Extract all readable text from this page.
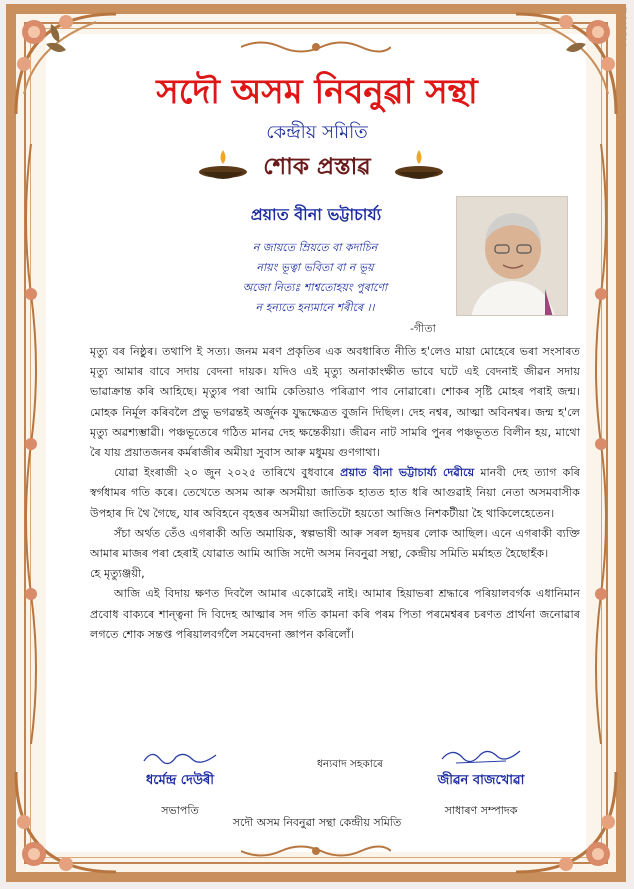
সদৌ অসম নিবনুৱা সন্থা
কেন্দ্ৰীয় সমিতি
শোক প্ৰস্তাৱ
প্ৰয়াত বীনা ভট্টাচাৰ্য্য
ন জায়তে ম্ৰিয়তে বা কদাচিন
নায়ং ভূত্বা ভবিতা বা ন ভূয়
অজো নিত্যঃ শাশ্বতোহয়ং পুৰাণো
ন হন্যতে হন্যমানে শৰীৰে ।।
-গীতা

মৃত্যু বৰ নিষ্ঠুৰ। তথাপি ই সত্য। জনম মৰণ প্ৰকৃতিৰ এক অবধাৰিত নীতি হ'লেও মায়া মোহেৰে ভৰা সংসাৰত মৃত্যু আমাৰ বাবে সদায় বেদনা দায়ক। যদিও এই মৃত্যু অনাকাংক্ষীত ভাবে ঘটে এই বেদনাই জীৱন সদায় ভাৱাক্ৰান্ত কৰি আহিছে। মৃত্যুৰ পৰা আমি কেতিয়াও পৰিত্ৰাণ পাব নোৱাৰো। শোকৰ সৃষ্টি মোহৰ পৰাই জন্ম। মোহক নিৰ্মূল কৰিবলৈ প্ৰভু ভগৱন্তই অৰ্জুনক যুদ্ধক্ষেত্ৰত বুজনি দিছিল। দেহ নশ্বৰ, আত্মা অবিনশ্বৰ। জন্ম হ'লে মৃত্যু অৱশ্যম্ভাৱী। পঞ্চভূতেৰে গঠিত মানৱ দেহ ক্ষন্তেকীয়া। জীৱন নাট সামৰি পুনৰ পঞ্চভূতত বিলীন হয়, মাথো ৰৈ যায় প্ৰয়াতজনৰ কৰ্মৰাজীৰ অমীয়া সুবাস আৰু মধুময় গুণগাথা।

যোৱা ইংৰাজী ২০ জুন ২০২৫ তাৰিখে বুধবাৰে প্ৰয়াত বীনা ভট্টাচাৰ্য্য দেৱীয়ে মানবী দেহ ত্যাগ কৰি স্বৰ্গধামৰ গতি কৰে। তেখেতে অসম আৰু অসমীয়া জাতিক হাতত হাত ধৰি আগুৱাই নিয়া নেতা অসমবাসীক উপহাৰ দি থৈ গৈছে, যাৰ অবিহনে বৃহত্তৰ অসমীয়া জাতিটো হয়তো আজিও নিশকটীয়া হৈ থাকিলেহেতেন।

সঁচা অৰ্থত তেঁও এগৰাকী অতি অমায়িক, স্বল্পভাষী আৰু সৰল হৃদয়ৰ লোক আছিল। এনে এগৰাকী ব্যক্তি আমাৰ মাজৰ পৰা হেৰাই যোৱাত আমি আজি সদৌ অসম নিবনুৱা সন্থা, কেন্দ্ৰীয় সমিতি মৰ্মাহত হৈছোহঁক।

হে মৃত্যুঞ্জয়ী,

আজি এই বিদায় ক্ষণত দিবলৈ আমাৰ একোৱেই নাই। আমাৰ হিয়াভৰা শ্ৰদ্ধাৰে পৰিয়ালবৰ্গক এধানিমান প্ৰবোধ বাক্যৰে শান্ত্বনা দি বিদেহ আত্মাৰ সদ গতি কামনা কৰি পৰম পিতা পৰমেশ্বৰৰ চৰণত প্ৰাৰ্থনা জনোৱাৰ লগতে শোক সন্তপ্ত পৰিয়ালবৰ্গলৈ সমবেদনা জ্ঞাপন কৰিলোঁ।

ধৰ্মেন্দ্ৰ দেউৰী
সভাপতি
ধন্যবাদ সহকাৰে
জীৱন বাজখোৱা
সাধাৰণ সম্পাদক
সদৌ অসম নিবনুৱা সন্থা কেন্দ্ৰীয় সমিতি
